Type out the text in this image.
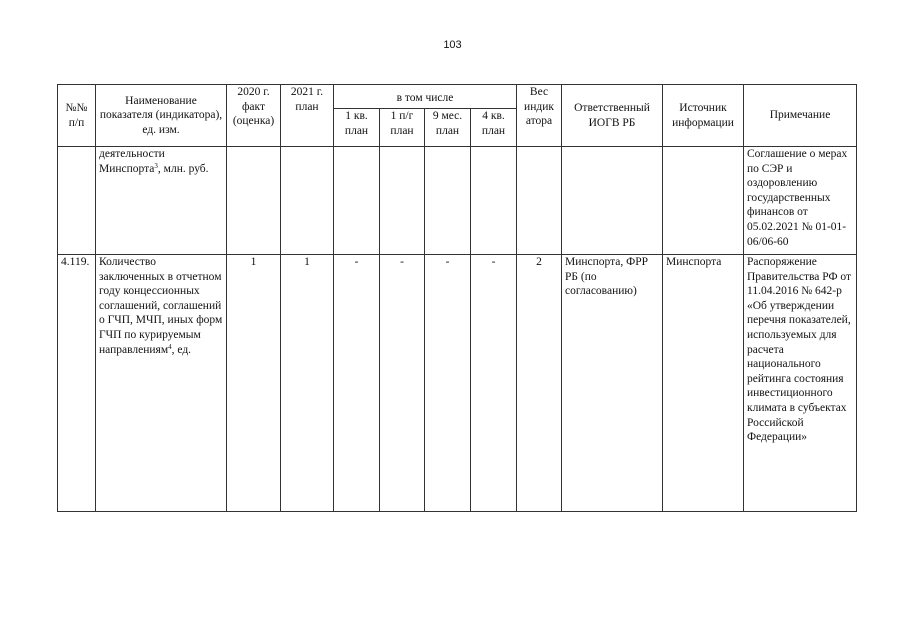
103
№№ п/п	Наименование показателя (индикатора), ед. изм.	2020 г. факт (оценка)	2021 г. план	в том числе				Вес индик атора	Ответственный ИОГВ РБ	Источник информации	Примечание
				1 кв. план	1 п/г план	9 мес. план	4 кв. план				
	деятельности Минспорта$^3$, млн. руб.										Соглашение о мерах по СЭР и оздоровлению государственных финансов от 05.02.2021 № 01-01-06/06-60
4.119.	Количество заключенных в отчетном году концессионных соглашений, соглашений о ГЧП, МЧП, иных форм ГЧП по курируемым направлениям$^4$, ед.	1	1	-	-	-	-	2	Минспорта, ФРР РБ (по согласованию)	Минспорта	Распоряжение Правительства РФ от 11.04.2016 № 642-р «Об утверждении перечня показателей, используемых для расчета национального рейтинга состояния инвестиционного климата в субъектах Российской Федерации»
